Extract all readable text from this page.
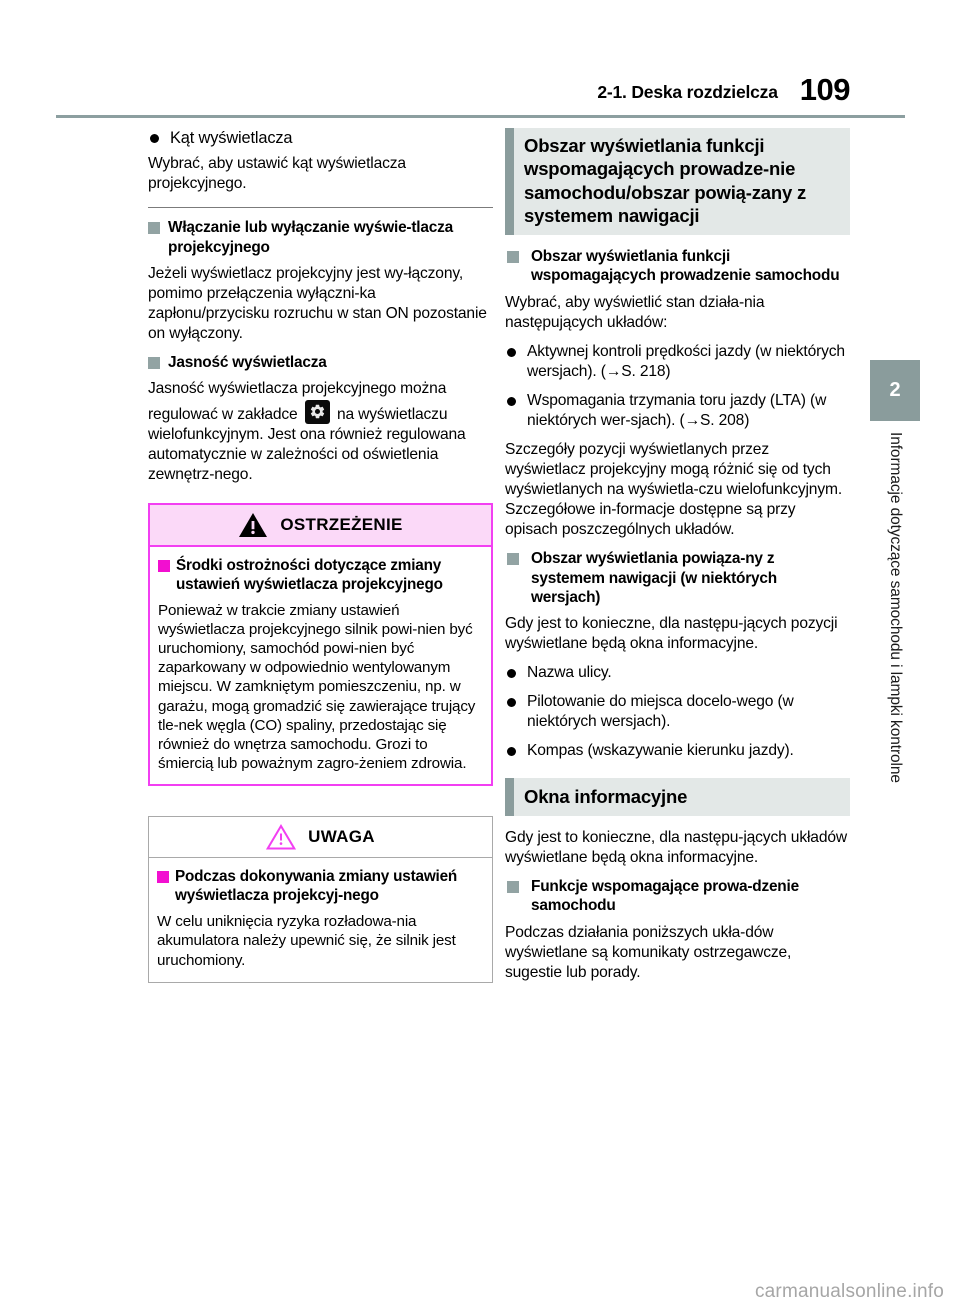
2-1. Deska rozdzielcza 109
Kąt wyświetlacza

Wybrać, aby ustawić kąt wyświetlacza projekcyjnego.

Włączanie lub wyłączanie wyświe-tlacza projekcyjnego

Jeżeli wyświetlacz projekcyjny jest wy-łączony, pomimo przełączenia wyłączni-ka zapłonu/przycisku rozruchu w stan ON pozostanie on wyłączony.

Jasność wyświetlacza

Jasność wyświetlacza projekcyjnego można regulować w zakładce	na wyświetlaczu wielofunkcyjnym. Jest ona również regulowana automatycznie w zależności od oświetlenia zewnętrz-nego.

OSTRZEŻENIE
Środki ostrożności dotyczące zmiany ustawień wyświetlacza projekcyjnego

Ponieważ w trakcie zmiany ustawień wyświetlacza projekcyjnego silnik powi-nien być uruchomiony, samochód powi-nien być zaparkowany w odpowiednio wentylowanym miejscu. W zamkniętym pomieszczeniu, np. w garażu, mogą gromadzić się zawierające trujący tle-nek węgla (CO) spaliny, przedostając się również do wnętrza samochodu. Grozi to śmiercią lub poważnym zagro-żeniem zdrowia.

UWAGA
Podczas dokonywania zmiany ustawień wyświetlacza projekcyj-nego

W celu uniknięcia ryzyka rozładowa-nia akumulatora należy upewnić się, że silnik jest uruchomiony.

Obszar wyświetlania funkcji wspomagających prowadze-nie samochodu/obszar powią-zany z systemem nawigacji
Obszar wyświetlania funkcji wspomagających prowadzenie samochodu

Wybrać, aby wyświetlić stan działa-nia następujących układów:

Aktywnej kontroli prędkości jazdy (w niektórych wersjach). (→S. 218)
Wspomagania trzymania toru jazdy (LTA) (w niektórych wer-sjach). (→S. 208)

Szczegóły pozycji wyświetlanych przez wyświetlacz projekcyjny mogą różnić się od tych wyświetlanych na wyświetla-czu wielofunkcyjnym. Szczegółowe in-formacje dostępne są przy opisach poszczególnych układów.

Obszar wyświetlania powiąza-ny z systemem nawigacji (w niektórych wersjach)

Gdy jest to konieczne, dla następu-jących pozycji wyświetlane będą okna informacyjne.

Nazwa ulicy.
Pilotowanie do miejsca docelo-wego (w niektórych wersjach).
Kompas (wskazywanie kierunku jazdy).
Okna informacyjne

Gdy jest to konieczne, dla następu-jących układów wyświetlane będą okna informacyjne.

Funkcje wspomagające prowa-dzenie samochodu

Podczas działania poniższych ukła-dów wyświetlane są komunikaty ostrzegawcze, sugestie lub porady.

2
Informacje dotyczące samochodu i lampki kontrolne
carmanualsonline.info
